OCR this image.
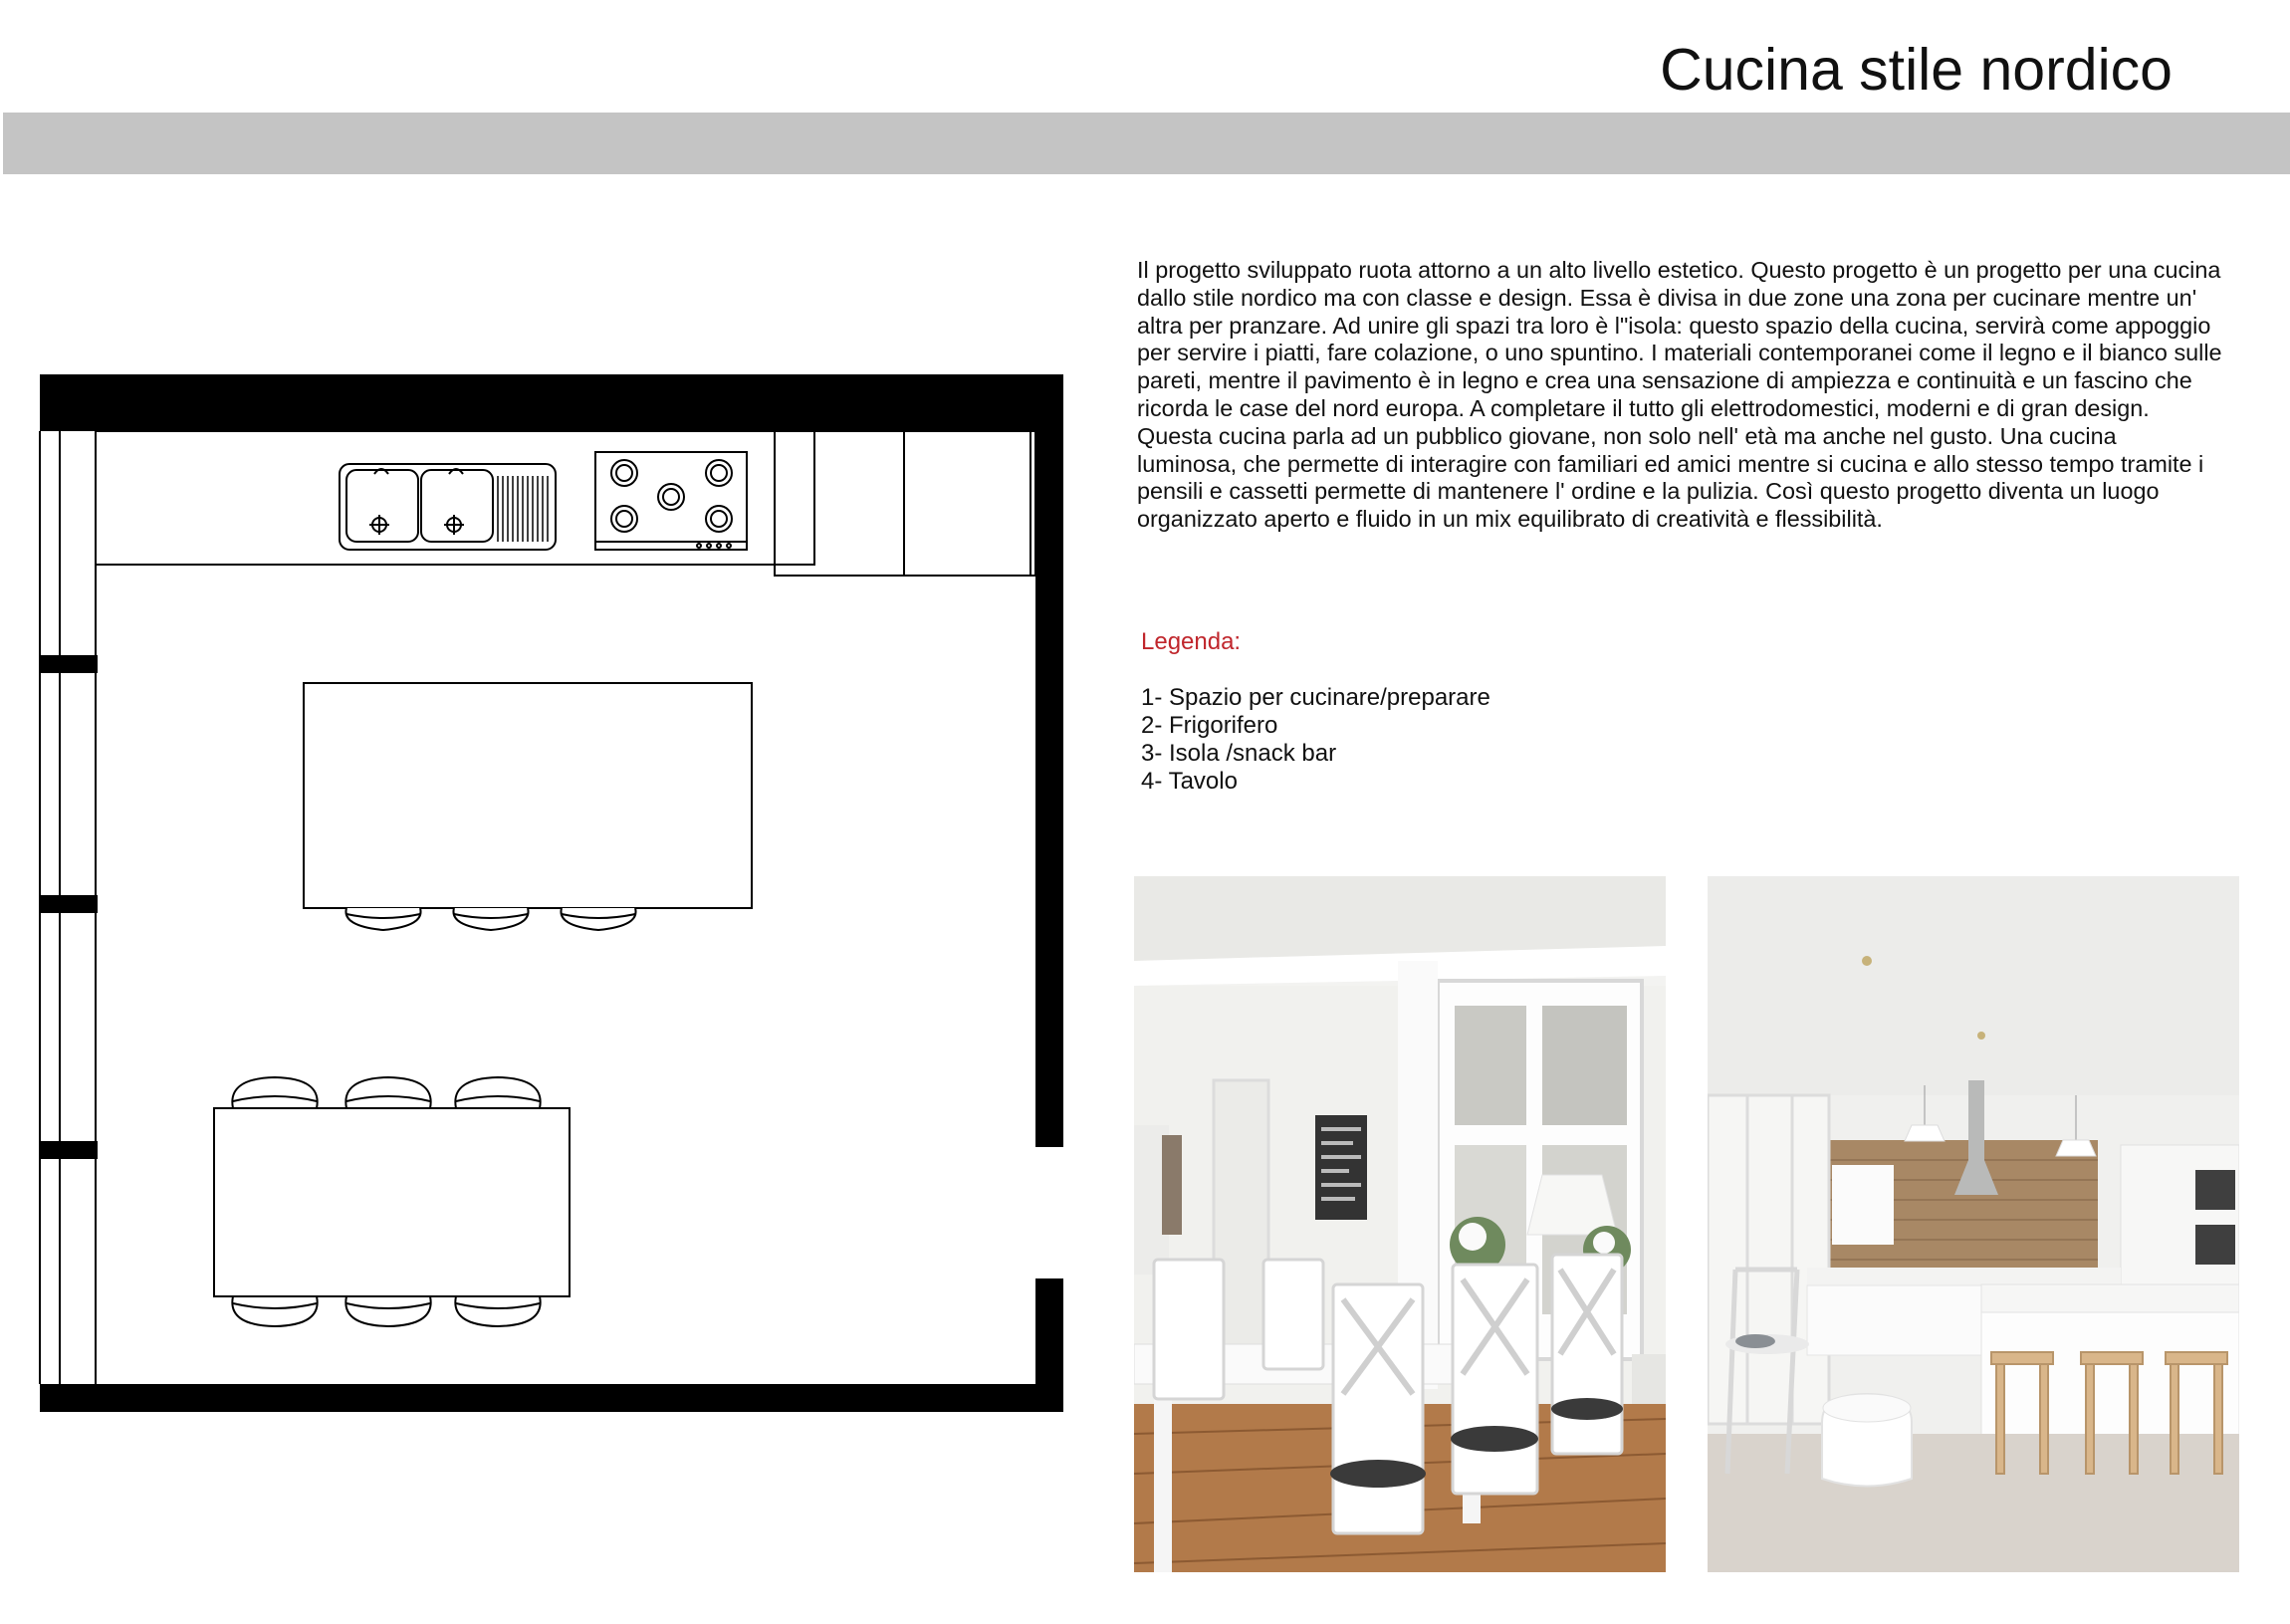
Cucina stile nordico

Il progetto sviluppato ruota attorno a un alto livello estetico. Questo progetto è un progetto per una cucina dallo stile nordico ma con classe e design. Essa è divisa in due zone una zona per cucinare mentre un' altra per pranzare. Ad unire gli spazi tra loro è l"isola: questo spazio della cucina, servirà come appoggio per servire i piatti, fare colazione, o uno spuntino. I materiali contemporanei come il legno e il bianco sulle pareti, mentre il pavimento è in legno e crea una sensazione di ampiezza e continuità e un fascino che ricorda le case del nord europa. A completare il tutto gli elettrodomestici, moderni e di gran design.

Questa cucina parla ad un pubblico giovane, non solo nell' età ma anche nel gusto. Una cucina luminosa, che permette di interagire con familiari ed amici mentre si cucina e allo stesso tempo tramite i pensili e cassetti permette di mantenere l' ordine e la pulizia. Così questo progetto diventa un luogo organizzato aperto e fluido in un mix equilibrato di creatività e flessibilità.

Legenda:
1- Spazio per cucinare/preparare
2- Frigorifero
3- Isola /snack bar
4- Tavolo
